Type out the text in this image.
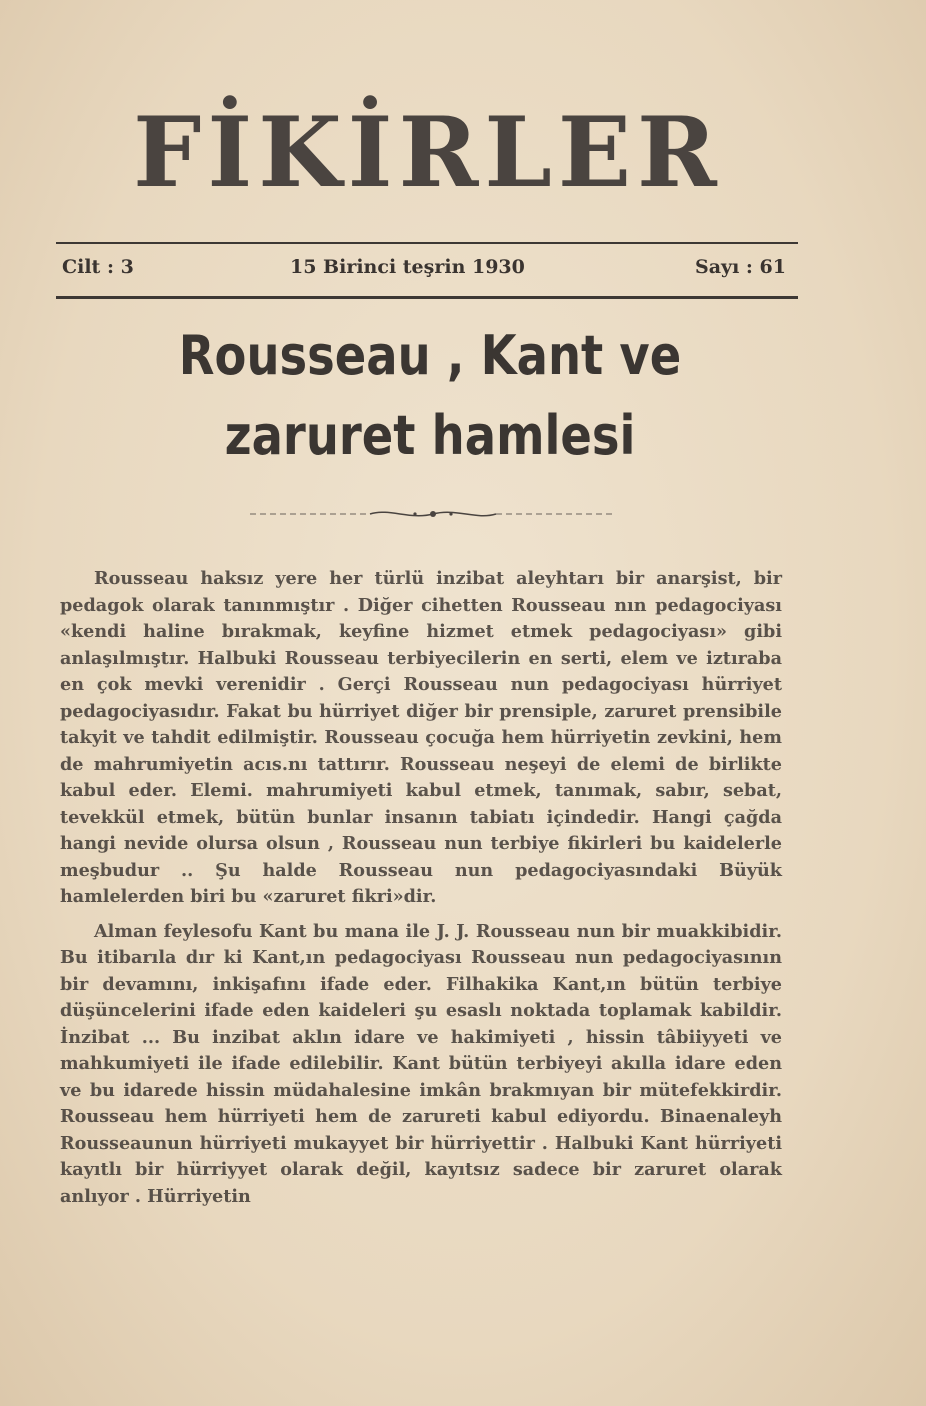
FİKİRLER
Cilt : 3	15 Birinci teşrin 1930	Sayı : 61
Rousseau , Kant ve
zaruret hamlesi

Rousseau haksız yere her türlü inzibat aleyhtarı bir anarşist, bir pedagok olarak tanınmıştır . Diğer cihetten Rousseau nın pedagociyası «kendi haline bırakmak, keyfine hizmet etmek pedagociyası» gibi anlaşılmıştır. Halbuki Rousseau terbiyecilerin en serti, elem ve iztıraba en çok mevki verenidir . Gerçi Rousseau nun pedagociyası hürriyet pedagociyasıdır. Fakat bu hürriyet diğer bir prensiple, zaruret prensibile takyit ve tahdit edilmiştir. Rousseau çocuğa hem hürriyetin zevkini, hem de mahrumiyetin acıs.nı tattırır. Rousseau neşeyi de elemi de birlikte kabul eder. Elemi. mahrumiyeti kabul etmek, tanımak, sabır, sebat, tevekkül etmek, bütün bunlar insanın tabiatı içindedir. Hangi çağda hangi nevide olursa olsun , Rousseau nun terbiye fikirleri bu kaidelerle meşbudur .. Şu halde Rousseau nun pedagociyasındaki Büyük hamlelerden biri bu «zaruret fikri»dir.

Alman feylesofu Kant bu mana ile J. J. Rousseau nun bir muakkibidir. Bu itibarıla dır ki Kant,ın pedagociyası Rousseau nun pedagociyasının bir devamını, inkişafını ifade eder. Filhakika Kant,ın bütün terbiye düşüncelerini ifade eden kaideleri şu esaslı noktada toplamak kabildir. İnzibat ... Bu inzibat aklın idare ve hakimiyeti , hissin tâbiiyyeti ve mahkumiyeti ile ifade edilebilir. Kant bütün terbiyeyi akılla idare eden ve bu idarede hissin müdahalesine imkân brakmıyan bir mütefekkirdir. Rousseau hem hürriyeti hem de zarureti kabul ediyordu. Binaenaleyh Rousseaunun hürriyeti mukayyet bir hürriyettir . Halbuki Kant hürriyeti kayıtlı bir hürriyyet olarak değil, kayıtsız sadece bir zaruret olarak anlıyor . Hürriyetin
